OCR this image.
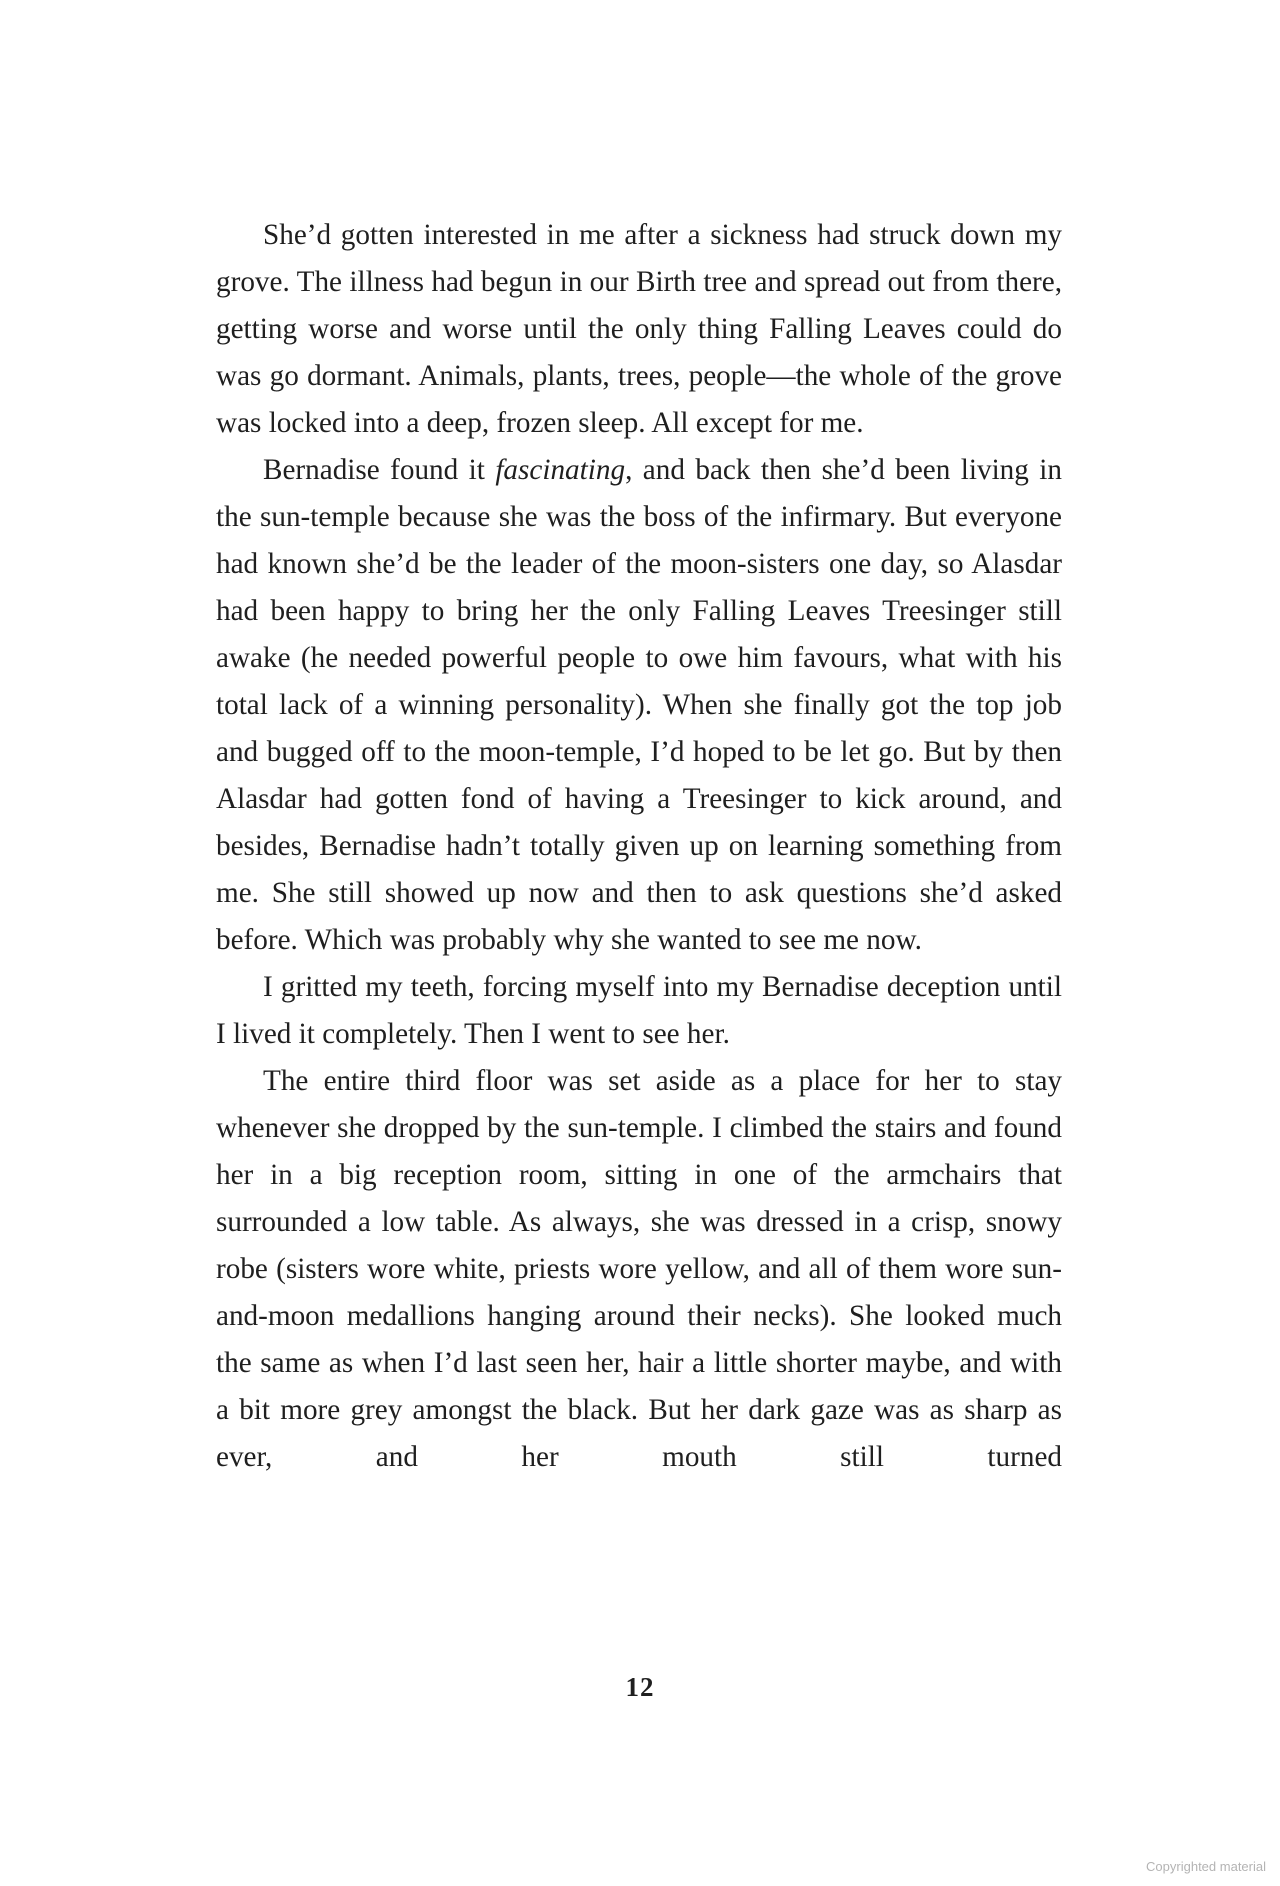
She’d gotten interested in me after a sickness had struck down my grove. The illness had begun in our Birth tree and spread out from there, getting worse and worse until the only thing Falling Leaves could do was go dormant. Animals, plants, trees, people—the whole of the grove was locked into a deep, frozen sleep. All except for me.

Bernadise found it fascinating, and back then she’d been living in the sun-temple because she was the boss of the infirmary. But everyone had known she’d be the leader of the moon-sisters one day, so Alasdar had been happy to bring her the only Falling Leaves Treesinger still awake (he needed powerful people to owe him favours, what with his total lack of a winning personality). When she finally got the top job and bugged off to the moon-temple, I’d hoped to be let go. But by then Alasdar had gotten fond of having a Treesinger to kick around, and besides, Bernadise hadn’t totally given up on learning something from me. She still showed up now and then to ask questions she’d asked before. Which was probably why she wanted to see me now.

I gritted my teeth, forcing myself into my Bernadise deception until I lived it completely. Then I went to see her.

The entire third floor was set aside as a place for her to stay whenever she dropped by the sun-temple. I climbed the stairs and found her in a big reception room, sitting in one of the armchairs that surrounded a low table. As always, she was dressed in a crisp, snowy robe (sisters wore white, priests wore yellow, and all of them wore sun-and-moon medallions hanging around their necks). She looked much the same as when I’d last seen her, hair a little shorter maybe, and with a bit more grey amongst the black. But her dark gaze was as sharp as ever, and her mouth still turned

12
Copyrighted material
